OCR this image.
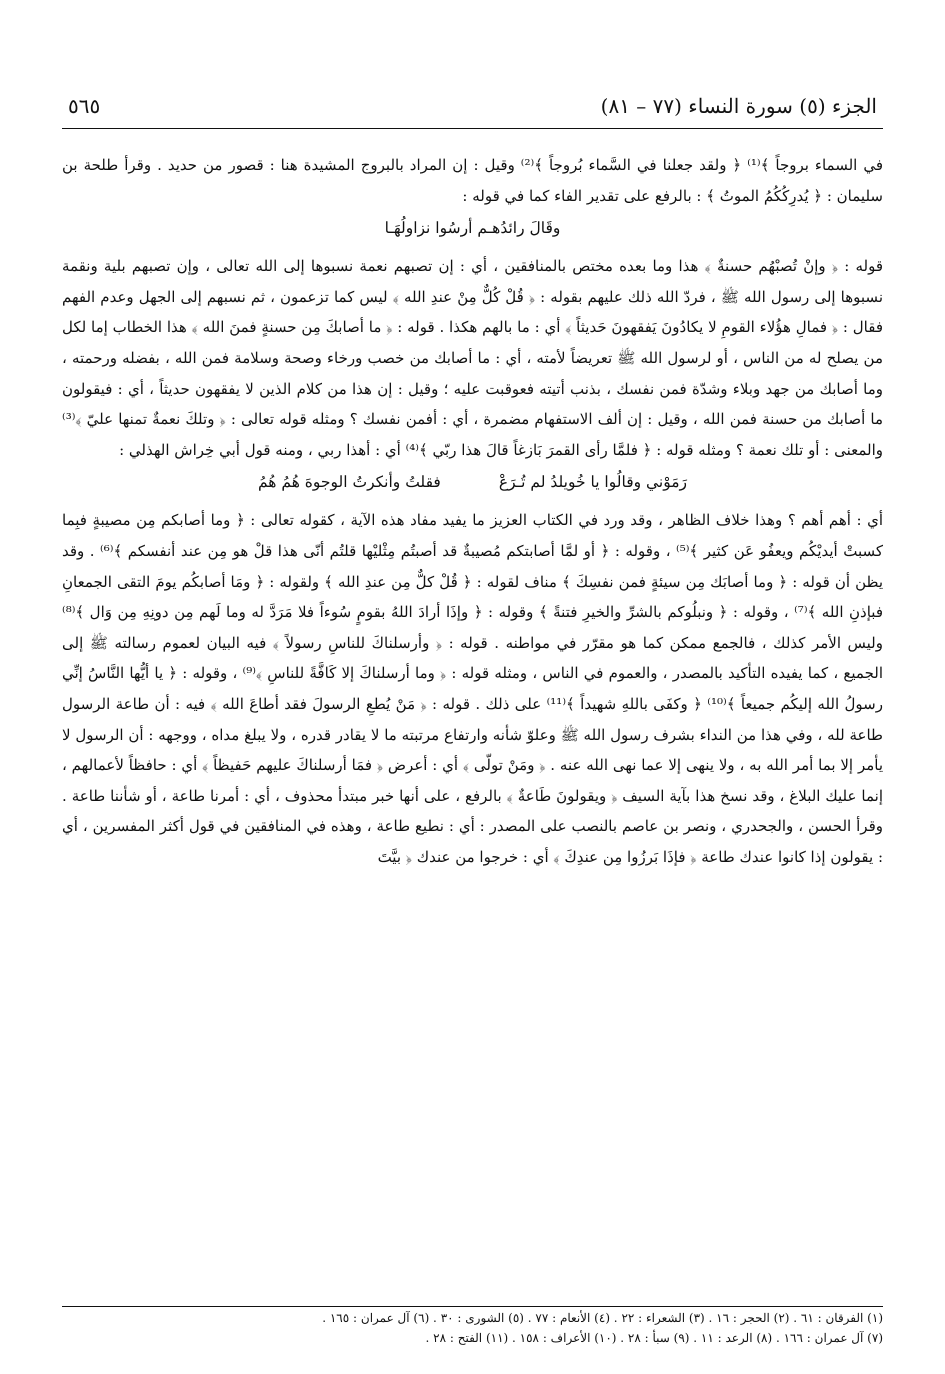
الجزء (٥) سورة النساء (٧٧ – ٨١)
٥٦٥

في السماء بروجاً ﴾⁽¹⁾ ﴿ ولقد جعلنا في السَّماء بُروجاً ﴾⁽²⁾ وقيل : إن المراد بالبروج المشيدة هنا : قصور من حديد . وقرأ طلحة بن سليمان : ﴿ يُدرِكُكُمُ الموتُ ﴾ : بالرفع على تقدير الفاء كما في قوله :

وقَالَ رائدُهـم أرسُوا نزاولُهَـا

قوله : ﴿ وإنْ تُصبْهُم حسنةٌ ﴾ هذا وما بعده مختص بالمنافقين ، أي : إن تصبهم نعمة نسبوها إلى الله تعالى ، وإن تصبهم بلية ونقمة نسبوها إلى رسول الله ﷺ ، فردّ الله ذلك عليهم بقوله : ﴿ قُلْ كُلٌّ مِنْ عندِ الله ﴾ ليس كما تزعمون ، ثم نسبهم إلى الجهل وعدم الفهم فقال : ﴿ فمالِ هؤُلاء القومِ لا يكادُونَ يَفقهونَ حَديثاً ﴾ أي : ما بالهم هكذا . قوله : ﴿ ما أصابكَ مِن حسنةٍ فمنَ الله ﴾ هذا الخطاب إما لكل من يصلح له من الناس ، أو لرسول الله ﷺ تعريضاً لأمته ، أي : ما أصابك من خصب ورخاء وصحة وسلامة فمن الله ، بفضله ورحمته ، وما أصابك من جهد وبلاء وشدّة فمن نفسك ، بذنب أتيته فعوقبت عليه ؛ وقيل : إن هذا من كلام الذين لا يفقهون حديثاً ، أي : فيقولون ما أصابك من حسنة فمن الله ، وقيل : إن ألف الاستفهام مضمرة ، أي : أفمن نفسك ؟ ومثله قوله تعالى : ﴿ وتلكَ نعمةٌ تمنها عليّ ﴾⁽³⁾ والمعنى : أو تلك نعمة ؟ ومثله قوله : ﴿ فلمَّا رأى القمرَ بَازغاً قالَ هذا ربّي ﴾⁽⁴⁾ أي : أهذا ربي ، ومنه قول أبي خِراش الهذلي :

رَمَوْني وقالُوا يا خُويلدُ لم تُـرَعْ
فقلتُ وأنكرتُ الوجوهَ هُمُ هُمُ

أي : أهم أهم ؟ وهذا خلاف الظاهر ، وقد ورد في الكتاب العزيز ما يفيد مفاد هذه الآية ، كقوله تعالى : ﴿ وما أصابكم مِن مصيبةٍ فبِما كسبتْ أيديْكُم ويعفُو عَن كثير ﴾⁽⁵⁾ ، وقوله : ﴿ أو لمَّا أصابتكم مُصيبةٌ قد أصبتُم مِثْليْها قلتُم أنّى هذا قلْ هو مِن عند أنفسكم ﴾⁽⁶⁾ . وقد يظن أن قوله : ﴿ وما أصابَك مِن سيئةٍ فمن نفسِكَ ﴾ مناف لقوله : ﴿ قُلْ كلٌّ مِن عندِ الله ﴾ ولقوله : ﴿ ومَا أصابكُم يومَ التقى الجمعانِ فبإذنِ الله ﴾⁽⁷⁾ ، وقوله : ﴿ ونبلُوكم بالشرِّ والخيرِ فتنةً ﴾ وقوله : ﴿ وإذَا أرادَ اللهُ بقومٍ سُوءاً فلا مَرَدَّ له وما لَهم مِن دونِهِ مِن وَال ﴾⁽⁸⁾ وليس الأمر كذلك ، فالجمع ممكن كما هو مقرّر في مواطنه . قوله : ﴿ وأرسلناكَ للناسِ رسولاً ﴾ فيه البيان لعموم رسالته ﷺ إلى الجميع ، كما يفيده التأكيد بالمصدر ، والعموم في الناس ، ومثله قوله : ﴿ وما أرسلناكَ إلا كَافَّةً للناسِ ﴾⁽⁹⁾ ، وقوله : ﴿ يا أيُّها النَّاسُ إنِّي رسولُ الله إليكُم جميعاً ﴾⁽¹⁰⁾ ﴿ وكفَى باللهِ شهيداً ﴾⁽¹¹⁾ على ذلك . قوله : ﴿ مَنْ يُطعِ الرسولَ فقد أطاعَ الله ﴾ فيه : أن طاعة الرسول طاعة لله ، وفي هذا من النداء بشرف رسول الله ﷺ وعلوّ شأنه وارتفاع مرتبته ما لا يقادر قدره ، ولا يبلغ مداه ، ووجهه : أن الرسول لا يأمر إلا بما أمر الله به ، ولا ينهى إلا عما نهى الله عنه . ﴿ ومَنْ تولّى ﴾ أي : أعرض ﴿ فمَا أرسلناكَ عليهم حَفيظاً ﴾ أي : حافظاً لأعمالهم ، إنما عليك البلاغ ، وقد نسخ هذا بآية السيف ﴿ ويقولونَ طَاعةٌ ﴾ بالرفع ، على أنها خبر مبتدأ محذوف ، أي : أمرنا طاعة ، أو شأننا طاعة . وقرأ الحسن ، والجحدري ، ونصر بن عاصم بالنصب على المصدر : أي : نطيع طاعة ، وهذه في المنافقين في قول أكثر المفسرين ، أي : يقولون إذا كانوا عندك طاعة ﴿ فإذَا بَرزُوا مِن عندِكَ ﴾ أي : خرجوا من عندك ﴿ بيَّتَ

(١) الفرقان : ٦١ . (٢) الحجر : ١٦ . (٣) الشعراء : ٢٢ . (٤) الأنعام : ٧٧ . (٥) الشورى : ٣٠ . (٦) آل عمران : ١٦٥ .

(٧) آل عمران : ١٦٦ . (٨) الرعد : ١١ . (٩) سبأ : ٢٨ . (١٠) الأعراف : ١٥٨ . (١١) الفتح : ٢٨ .
